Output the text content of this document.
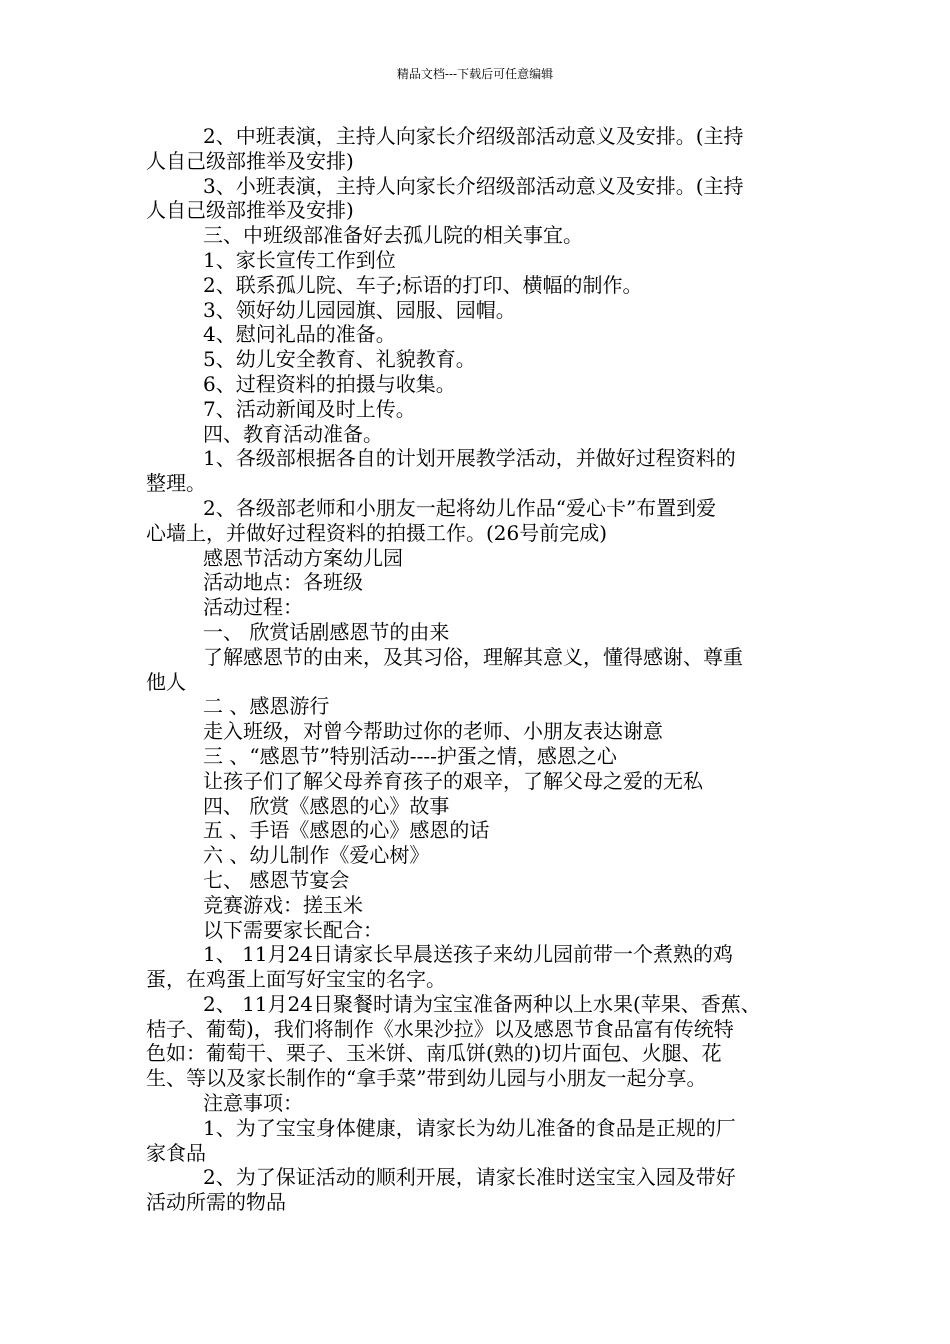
精品文档---下载后可任意编辑

2、中班表演，主持人向家长介绍级部活动意义及安排。(主持

人自己级部推举及安排)

3、小班表演，主持人向家长介绍级部活动意义及安排。(主持

人自己级部推举及安排)

三、中班级部准备好去孤儿院的相关事宜。

1、家长宣传工作到位

2、联系孤儿院、车子;标语的打印、横幅的制作。

3、领好幼儿园园旗、园服、园帽。

4、慰问礼品的准备。

5、幼儿安全教育、礼貌教育。

6、过程资料的拍摄与收集。

7、活动新闻及时上传。

四、教育活动准备。

1、各级部根据各自的计划开展教学活动，并做好过程资料的

整理。

2、各级部老师和小朋友一起将幼儿作品“爱心卡”布置到爱

心墙上，并做好过程资料的拍摄工作。(26号前完成)

感恩节活动方案幼儿园

活动地点：各班级

活动过程：

一、 欣赏话剧感恩节的由来

了解感恩节的由来，及其习俗，理解其意义，懂得感谢、尊重

他人

二 、感恩游行

走入班级，对曾今帮助过你的老师、小朋友表达谢意

三 、“感恩节”特别活动----护蛋之情，感恩之心

让孩子们了解父母养育孩子的艰辛，了解父母之爱的无私

四、 欣赏《感恩的心》故事

五 、手语《感恩的心》感恩的话

六 、幼儿制作《爱心树》

七、 感恩节宴会

竞赛游戏：搓玉米

以下需要家长配合：

1、 11月24日请家长早晨送孩子来幼儿园前带一个煮熟的鸡

蛋，在鸡蛋上面写好宝宝的名字。

2、 11月24日聚餐时请为宝宝准备两种以上水果(苹果、香蕉、

桔子、葡萄)，我们将制作《水果沙拉》以及感恩节食品富有传统特

色如：葡萄干、栗子、玉米饼、南瓜饼(熟的)切片面包、火腿、花

生、等以及家长制作的“拿手菜”带到幼儿园与小朋友一起分享。

注意事项：

1、为了宝宝身体健康，请家长为幼儿准备的食品是正规的厂

家食品

2、为了保证活动的顺利开展，请家长准时送宝宝入园及带好

活动所需的物品
